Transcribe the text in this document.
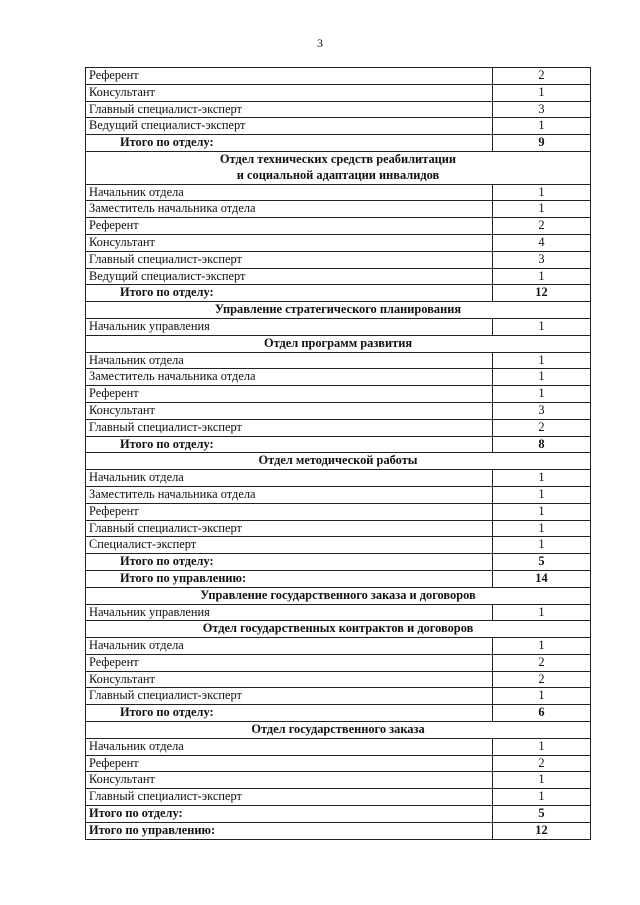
3
Референт	2
Консультант	1
Главный специалист-эксперт	3
Ведущий специалист-эксперт	1
Итого по отделу:	9
Отдел технических средств реабилитации
и социальной адаптации инвалидов	
Начальник отдела	1
Заместитель начальника отдела	1
Референт	2
Консультант	4
Главный специалист-эксперт	3
Ведущий специалист-эксперт	1
Итого по отделу:	12
Управление стратегического планирования	
Начальник управления	1
Отдел программ развития	
Начальник отдела	1
Заместитель начальника отдела	1
Референт	1
Консультант	3
Главный специалист-эксперт	2
Итого по отделу:	8
Отдел методической работы	
Начальник отдела	1
Заместитель начальника отдела	1
Референт	1
Главный специалист-эксперт	1
Специалист-эксперт	1
Итого по отделу:	5
Итого по управлению:	14
Управление государственного заказа и договоров	
Начальник управления	1
Отдел государственных контрактов и договоров	
Начальник отдела	1
Референт	2
Консультант	2
Главный специалист-эксперт	1
Итого по отделу:	6
Отдел государственного заказа	
Начальник отдела	1
Референт	2
Консультант	1
Главный специалист-эксперт	1
Итого по отделу:	5
Итого по управлению:	12
